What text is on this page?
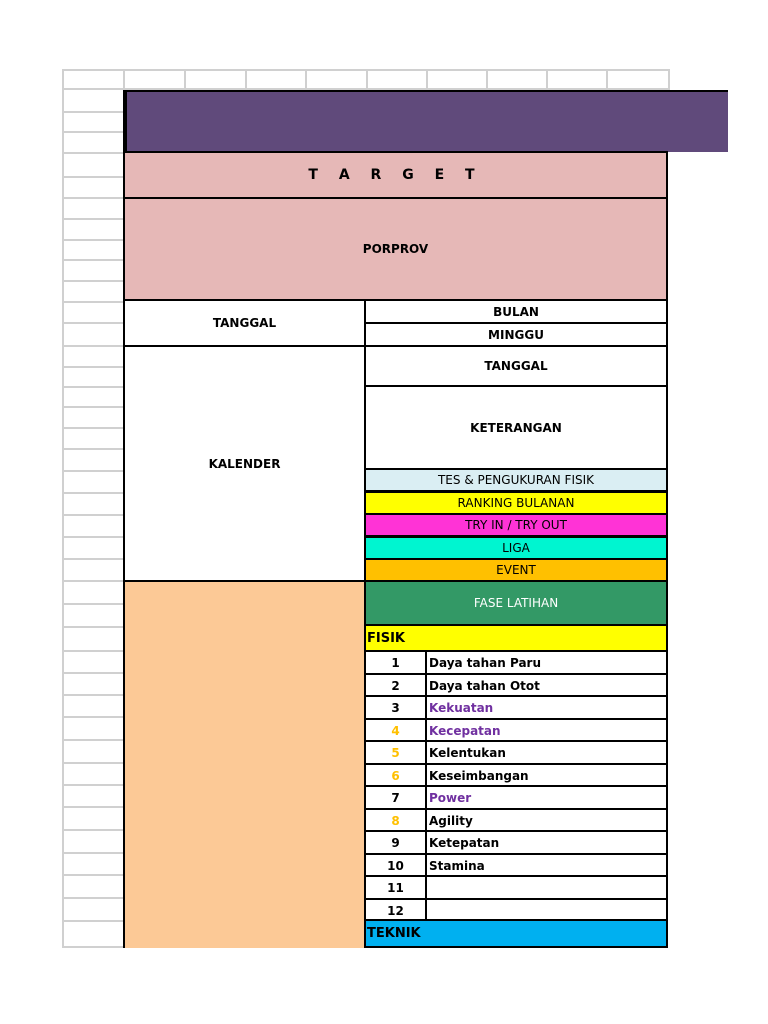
T A R G E T
PORPROV
TANGGAL
BULAN
MINGGU
KALENDER
TANGGAL
KETERANGAN
TES & PENGUKURAN FISIK
RANKING BULANAN
TRY IN / TRY OUT
LIGA
EVENT
FASE LATIHAN
FISIK
1	Daya tahan Paru
2	Daya tahan Otot
3	Kekuatan
4	Kecepatan
5	Kelentukan
6	Keseimbangan
7	Power
8	Agility
9	Ketepatan
10	Stamina
11
12
TEKNIK
